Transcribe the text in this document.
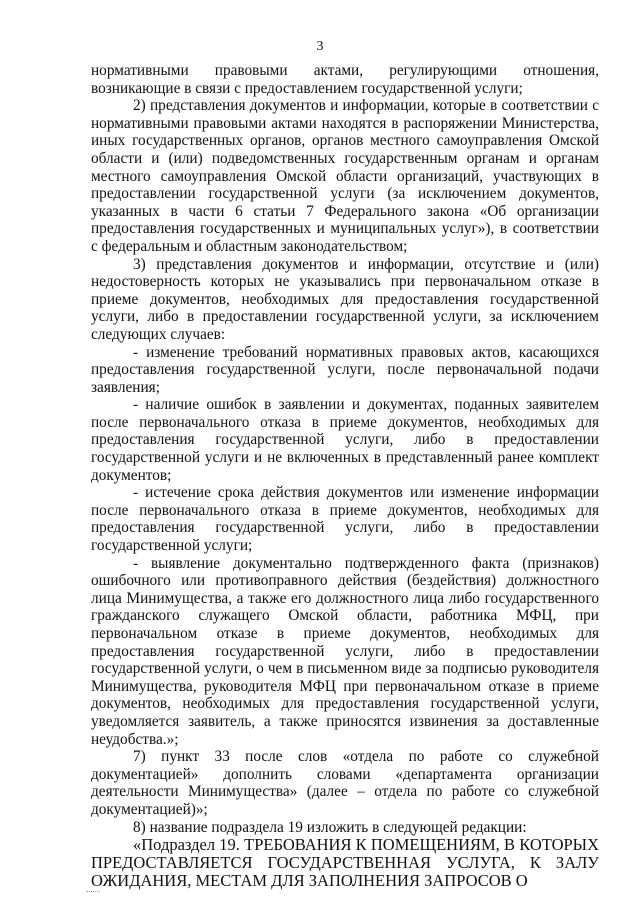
3

нормативными правовыми актами, регулирующими отношения, возникающие в связи с предоставлением государственной услуги;

2) представления документов и информации, которые в соответствии с нормативными правовыми актами находятся в распоряжении Министерства, иных государственных органов, органов местного самоуправления Омской области и (или) подведомственных государственным органам и органам местного самоуправления Омской области организаций, участвующих в предоставлении государственной услуги (за исключением документов, указанных в части 6 статьи 7 Федерального закона «Об организации предоставления государственных и муниципальных услуг»), в соответствии с федеральным и областным законодательством;

3) представления документов и информации, отсутствие и (или) недостоверность которых не указывались при первоначальном отказе в приеме документов, необходимых для предоставления государственной услуги, либо в предоставлении государственной услуги, за исключением следующих случаев:

- изменение требований нормативных правовых актов, касающихся предоставления государственной услуги, после первоначальной подачи заявления;

- наличие ошибок в заявлении и документах, поданных заявителем после первоначального отказа в приеме документов, необходимых для предоставления государственной услуги, либо в предоставлении государственной услуги и не включенных в представленный ранее комплект документов;

- истечение срока действия документов или изменение информации после первоначального отказа в приеме документов, необходимых для предоставления государственной услуги, либо в предоставлении государственной услуги;

- выявление документально подтвержденного факта (признаков) ошибочного или противоправного действия (бездействия) должностного лица Минимущества, а также его должностного лица либо государственного гражданского служащего Омской области, работника МФЦ, при первоначальном отказе в приеме документов, необходимых для предоставления государственной услуги, либо в предоставлении государственной услуги, о чем в письменном виде за подписью руководителя Минимущества, руководителя МФЦ при первоначальном отказе в приеме документов, необходимых для предоставления государственной услуги, уведомляется заявитель, а также приносятся извинения за доставленные неудобства.»;

7) пункт 33 после слов «отдела по работе со служебной документацией» дополнить словами «департамента организации деятельности Минимущества» (далее – отдела по работе со служебной документацией)»;

8) название подраздела 19 изложить в следующей редакции:

«Подраздел 19. ТРЕБОВАНИЯ К ПОМЕЩЕНИЯМ, В КОТОРЫХ ПРЕДОСТАВЛЯЕТСЯ ГОСУДАРСТВЕННАЯ УСЛУГА, К ЗАЛУ ОЖИДАНИЯ, МЕСТАМ ДЛЯ ЗАПОЛНЕНИЯ ЗАПРОСОВ О
